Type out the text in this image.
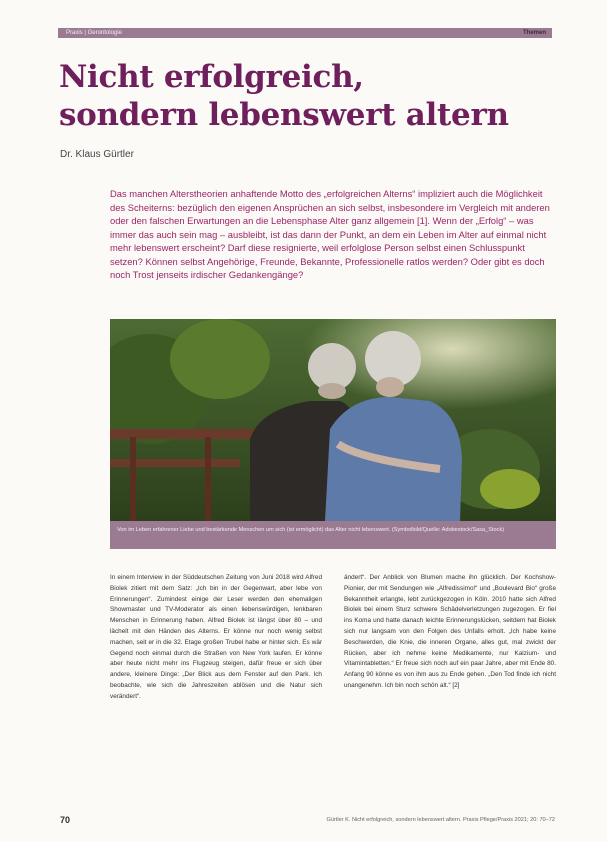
Praxis | Gerontologie	Themen
Nicht erfolgreich,
sondern lebenswert altern
Dr. Klaus Gürtler

Das manchen Alterstheorien anhaftende Motto des „erfolgreichen Alterns“ impliziert auch die Möglichkeit des Scheiterns: bezüglich den eigenen Ansprüchen an sich selbst, insbesondere im Vergleich mit anderen oder den falschen Erwartungen an die Lebensphase Alter ganz allgemein [1]. Wenn der „Erfolg“ – was immer das auch sein mag – ausbleibt, ist das dann der Punkt, an dem ein Leben im Alter auf einmal nicht mehr lebenswert erscheint? Darf diese resignierte, weil erfolglose Person selbst einen Schlusspunkt setzen? Können selbst Angehörige, Freunde, Bekannte, Professionelle ratlos werden? Oder gibt es doch noch Trost jenseits irdischer Gedankengänge?

Von im Leben erfahrener Liebe und bestärkende Menschen um sich (ist ermöglicht) das Alter nicht lebenswert. (Symbolbild/Quelle: Adobestock/Sasa_Stock)

In einem Interview in der Süddeutschen Zeitung von Juni 2018 wird Alfred Biolek zitiert mit dem Satz: „Ich bin in der Gegenwart, aber lebe von Erinnerungen“. Zumindest einige der Leser werden den ehemaligen Showmaster und TV-Moderator als einen liebenswürdigen, lenkbaren Menschen in Erinnerung haben. Alfred Biolek ist längst über 80 – und lächelt mit den Händen des Alterns. Er könne nur noch wenig selbst machen, seit er in die 32. Etage großen Trubel habe er hinter sich. Es wär Gegend noch einmal durch die Straßen von New York laufen. Er könne aber heute nicht mehr ins Flugzeug steigen, dafür freue er sich über andere, kleinere Dinge: „Der Blick aus dem Fenster auf den Park. Ich beobachte, wie sich die Jahreszeiten ablösen und die Natur sich verändert“.

ändert“. Der Anblick von Blumen mache ihn glücklich. Der Kochshow-Pionier, der mit Sendungen wie „Alfredissimo!“ und „Boulevard Bio“ große Bekanntheit erlangte, lebt zurückgezogen in Köln. 2010 hatte sich Alfred Biolek bei einem Sturz schwere Schädelverletzungen zugezogen. Er fiel ins Koma und hatte danach leichte Erinnerungslücken, seitdem hat Biolek sich nur langsam von den Folgen des Unfalls erholt. „Ich habe keine Beschwerden, die Knie, die inneren Organe, alles gut, mal zwickt der Rücken, aber ich nehme keine Medikamente, nur Kalzium- und Vitamintabletten.“ Er freue sich noch auf ein paar Jahre, aber mit Ende 80. Anfang 90 könne es von ihm aus zu Ende gehen. „Den Tod finde ich nicht unangenehm. Ich bin noch schön alt.“ [2]

70	Gürtler K. Nicht erfolgreich, sondern lebenswert altern. Praxis Pflege/Praxis 2021; 20: 70–72
